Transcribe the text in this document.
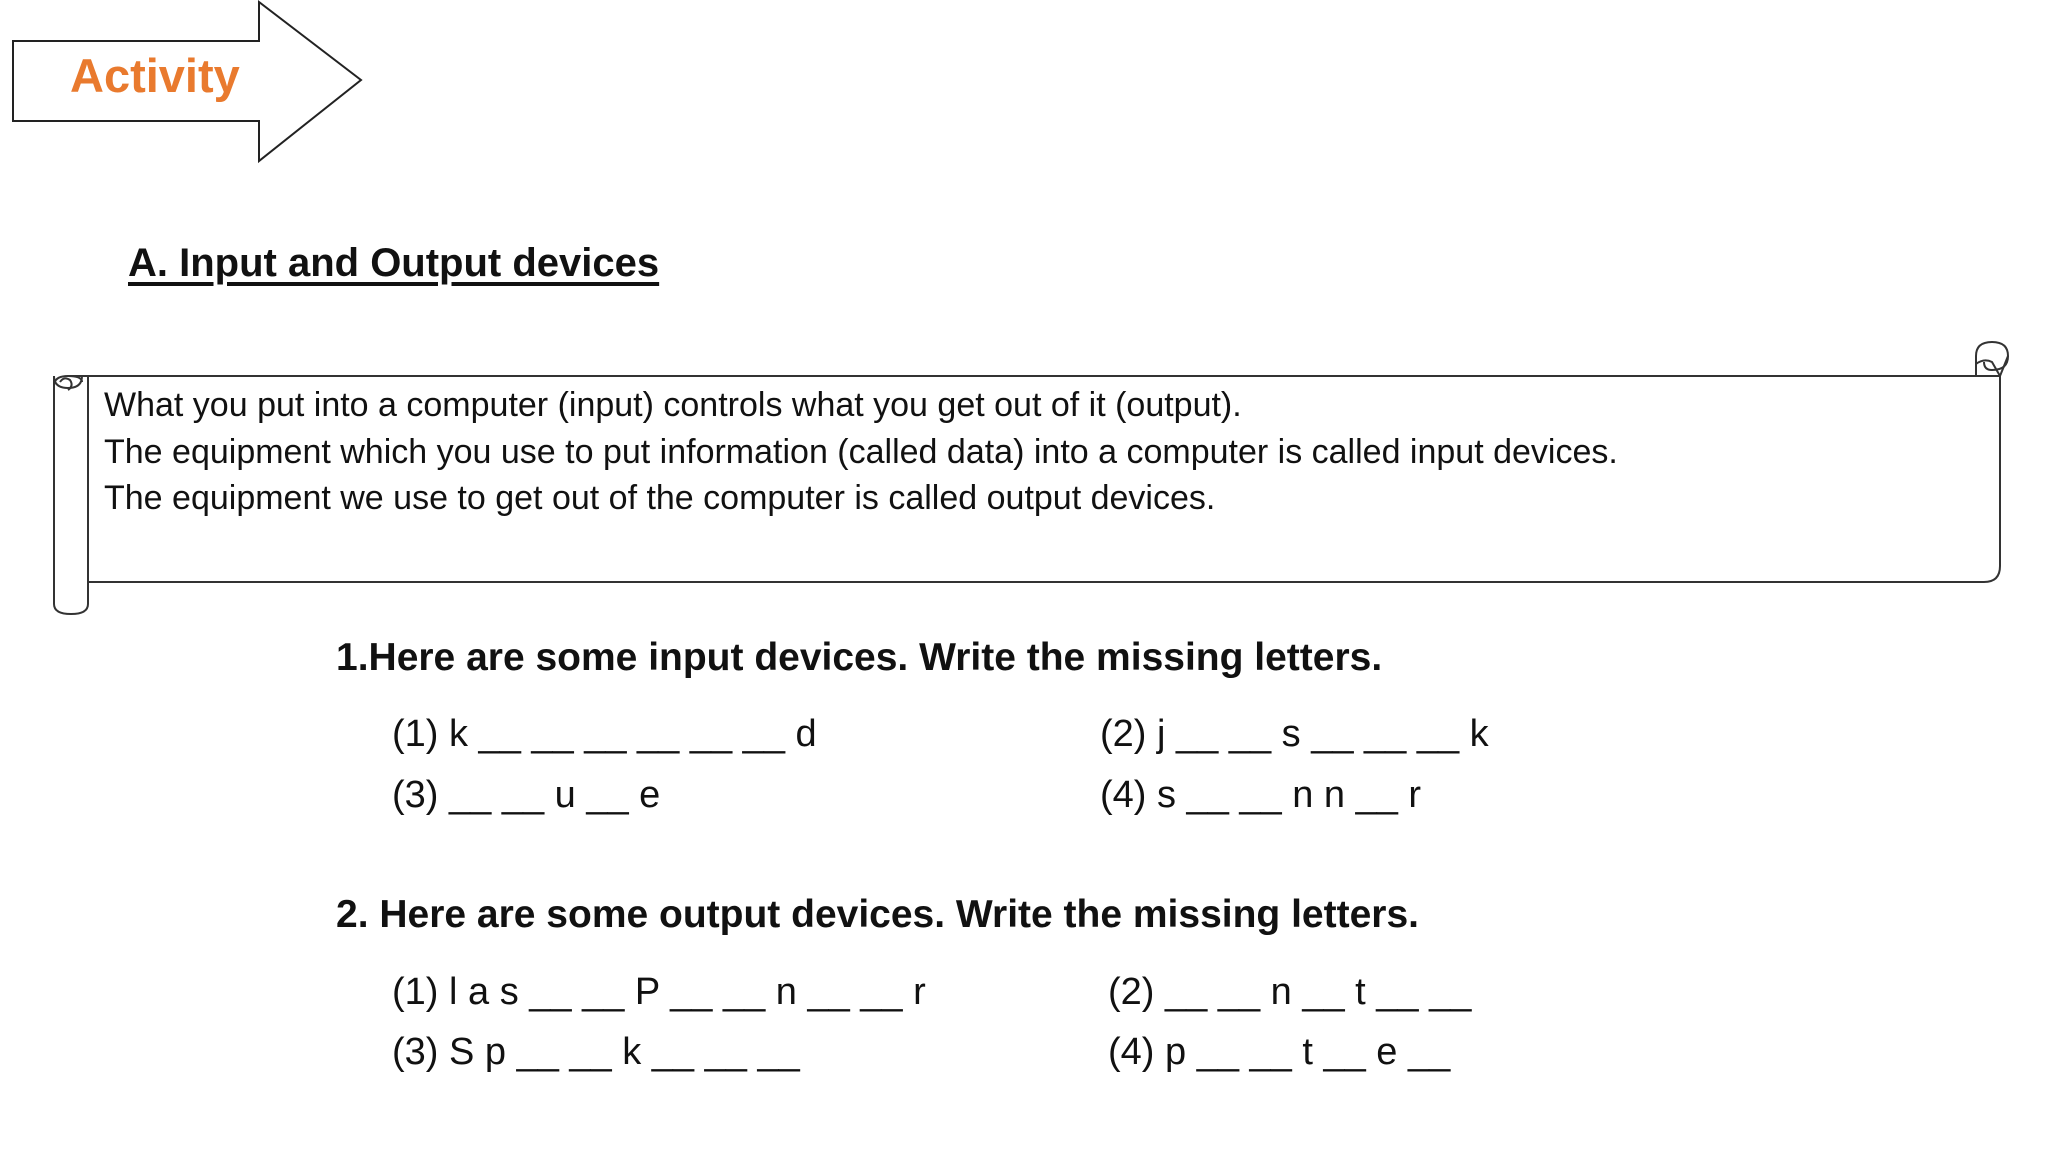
Activity
A. Input and Output devices
What you put into a computer (input) controls what you get out of it (output).
The equipment which you use to put information (called data) into a computer is called input devices.
The equipment we use to get out of the computer is called output devices.
1.Here are some input devices. Write the missing letters.
(1) k __ __ __ __ __ __ d	(2) j __ __ s __ __ __ k
(3) __ __ u __ e	(4) s __ __ n n __ r
2. Here are some output devices. Write the missing letters.
(1) l a s __ __ P __ __ n __ __ r	(2) __ __ n __ t __ __
(3) S p __ __ k __ __ __	(4) p __ __ t __ e __
